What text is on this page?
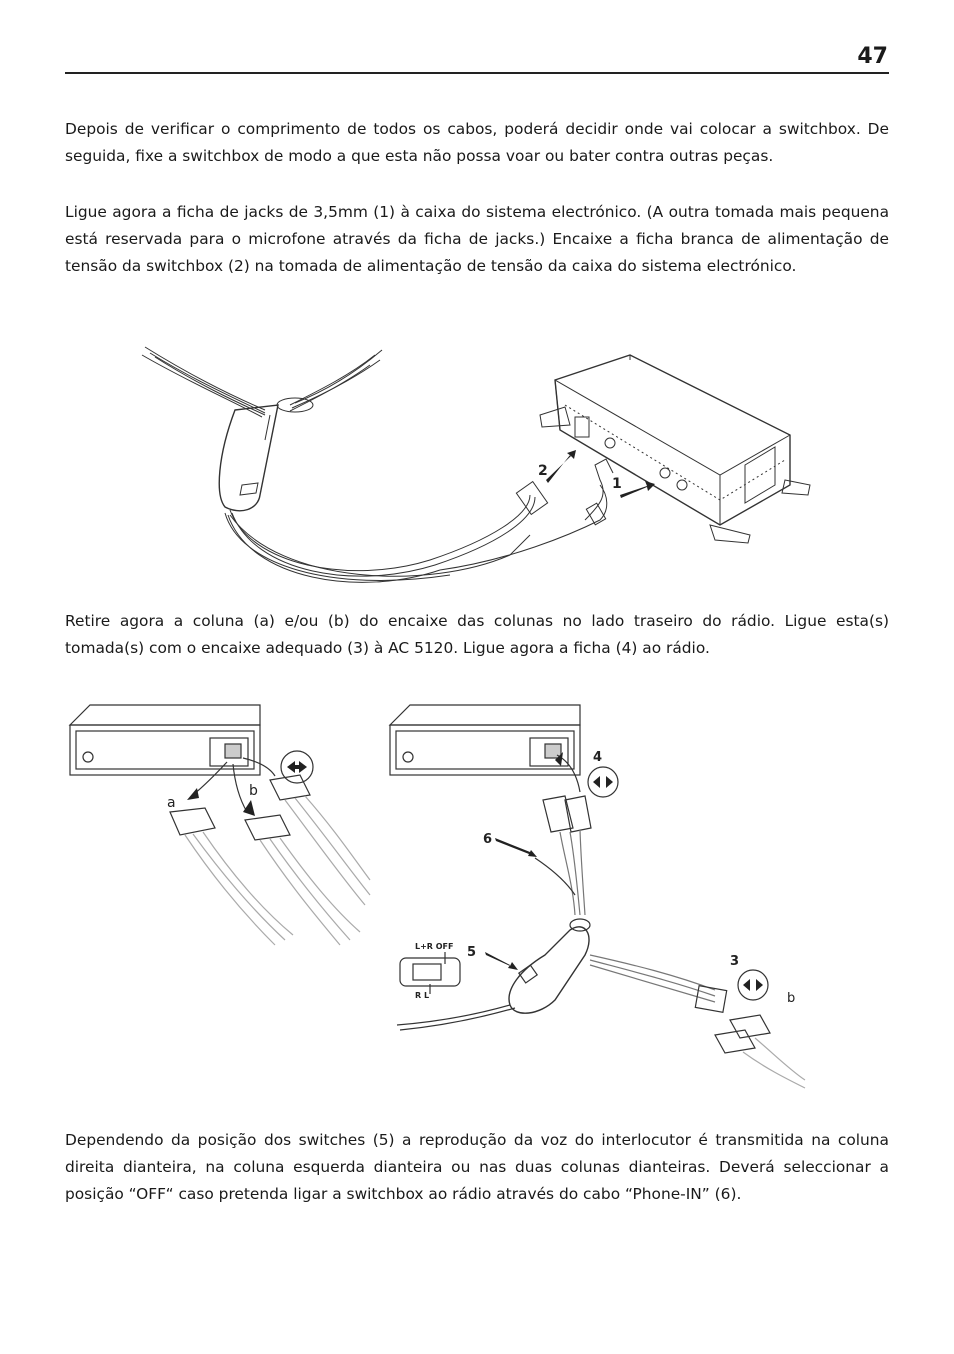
47

Depois de verificar o comprimento de todos os cabos, poderá decidir onde vai colocar a switchbox. De seguida, fixe a switchbox de modo a que esta não possa voar ou bater contra outras peças.

Ligue agora a ficha de jacks de 3,5mm (1) à caixa do sistema electrónico. (A outra tomada mais pequena está reservada para o microfone através da ficha de jacks.) Encaixe a ficha branca de alimentação de tensão da switchbox (2) na tomada de alimentação de tensão da caixa do sistema electrónico.

2
1

Retire agora a coluna (a) e/ou (b) do encaixe das colunas no lado traseiro do rádio. Ligue esta(s) tomada(s) com o encaixe adequado (3) à AC 5120. Ligue agora a ficha (4) ao rádio.

a
b
4
6
5
3
b
L+R OFF
R L

Dependendo da posição dos switches (5) a reprodução da voz do interlocutor é transmitida na coluna direita dianteira, na coluna esquerda dianteira ou nas duas colunas dianteiras. Deverá seleccionar a posição “OFF“ caso pretenda ligar a switchbox ao rádio através do cabo “Phone-IN” (6).
